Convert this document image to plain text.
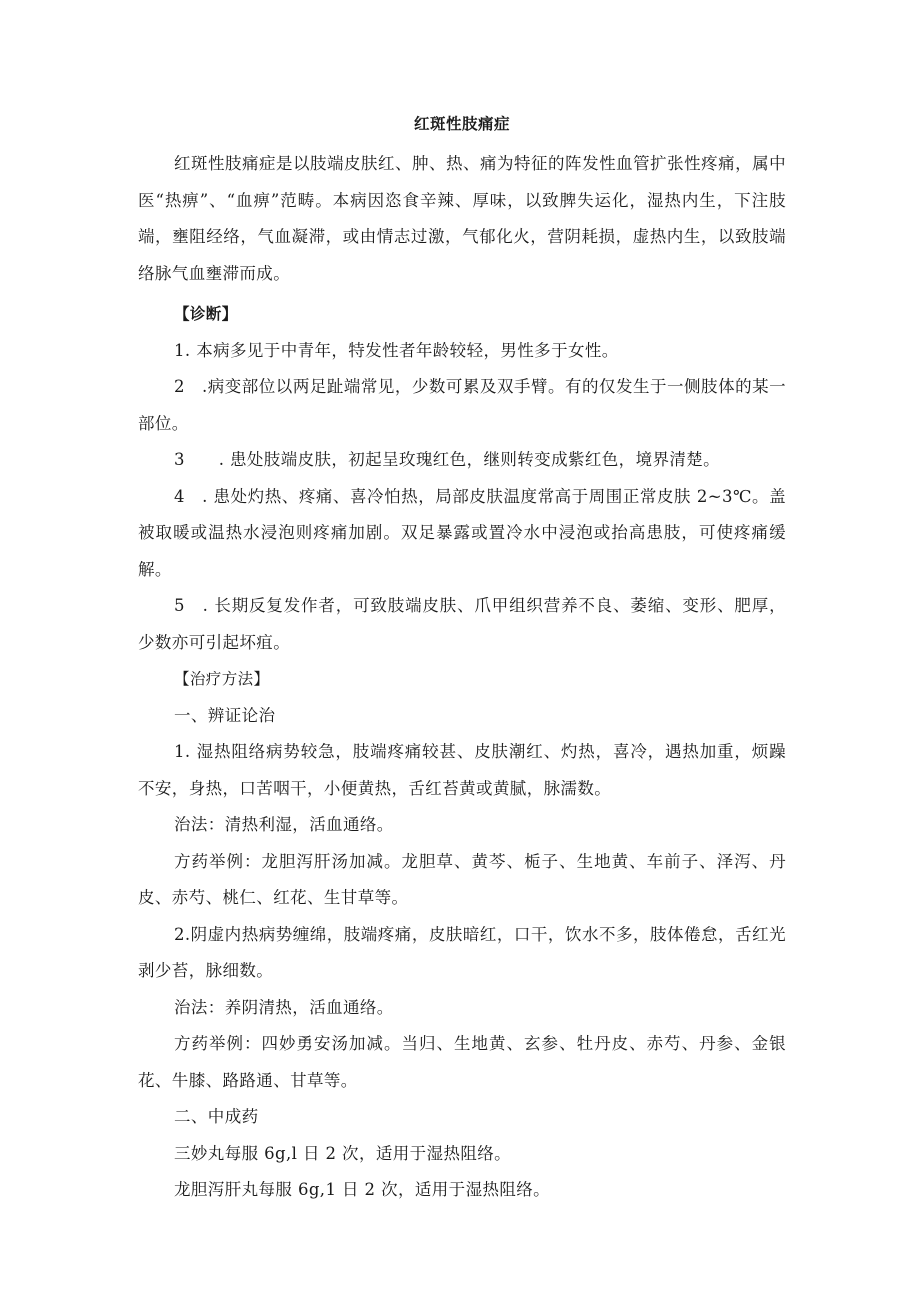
红斑性肢痛症

红斑性肢痛症是以肢端皮肤红、肿、热、痛为特征的阵发性血管扩张性疼痛，属中医“热痹”、“血痹”范畴。本病因恣食辛辣、厚味，以致脾失运化，湿热内生，下注肢端，壅阻经络，气血凝滞，或由情志过激，气郁化火，营阴耗损，虚热内生，以致肢端络脉气血壅滞而成。

【诊断】

1. 本病多见于中青年，特发性者年龄较轻，男性多于女性。

2　.病变部位以两足趾端常见，少数可累及双手臂。有的仅发生于一侧肢体的某一部位。

3　　. 患处肢端皮肤，初起呈玫瑰红色，继则转变成紫红色，境界清楚。

4　. 患处灼热、疼痛、喜冷怕热，局部皮肤温度常高于周围正常皮肤 2~3℃。盖被取暖或温热水浸泡则疼痛加剧。双足暴露或置冷水中浸泡或抬高患肢，可使疼痛缓解。

5　. 长期反复发作者，可致肢端皮肤、爪甲组织营养不良、萎缩、变形、肥厚，少数亦可引起坏疽。

【治疗方法】

一、辨证论治

1. 湿热阻络病势较急，肢端疼痛较甚、皮肤潮红、灼热，喜冷，遇热加重，烦躁不安，身热，口苦咽干，小便黄热，舌红苔黄或黄腻，脉濡数。

治法：清热利湿，活血通络。

方药举例：龙胆泻肝汤加减。龙胆草、黄芩、栀子、生地黄、车前子、泽泻、丹皮、赤芍、桃仁、红花、生甘草等。

2.阴虚内热病势缠绵，肢端疼痛，皮肤暗红，口干，饮水不多，肢体倦怠，舌红光剥少苔，脉细数。

治法：养阴清热，活血通络。

方药举例：四妙勇安汤加减。当归、生地黄、玄参、牡丹皮、赤芍、丹参、金银花、牛膝、路路通、甘草等。

二、中成药

三妙丸每服 6g,l 日 2 次，适用于湿热阻络。

龙胆泻肝丸每服 6g,1 日 2 次，适用于湿热阻络。
